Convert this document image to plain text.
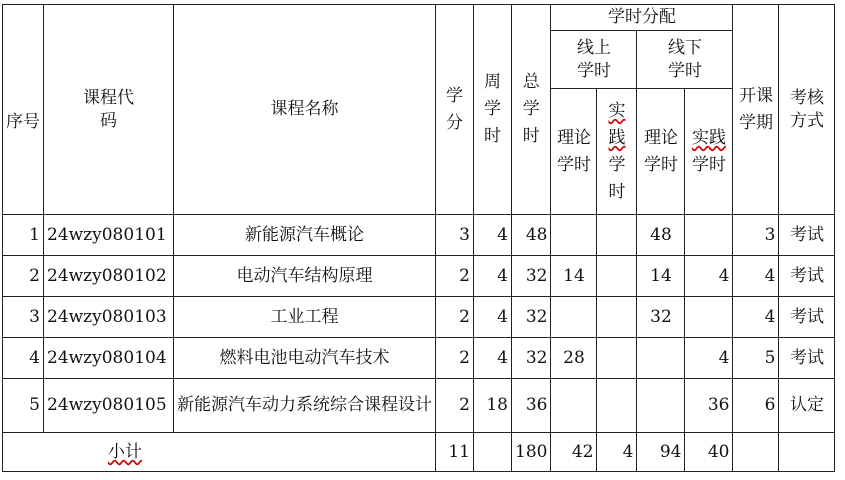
序号	课程代码	课程名称	学分	周学时	总学时	学时分配				开课学期	考核方式
						线上学时		线下学时			
						理论学时	实践学时	理论学时	实践学时		
1	24wzy080101	新能源汽车概论	3	4	48			48		3	考试
2	24wzy080102	电动汽车结构原理	2	4	32	14		14	4	4	考试
3	24wzy080103	工业工程	2	4	32			32		4	考试
4	24wzy080104	燃料电池电动汽车技术	2	4	32	28			4	5	考试
5	24wzy080105	新能源汽车动力系统综合课程设计	2	18	36				36	6	认定
小计			11		180	42	4	94	40		
